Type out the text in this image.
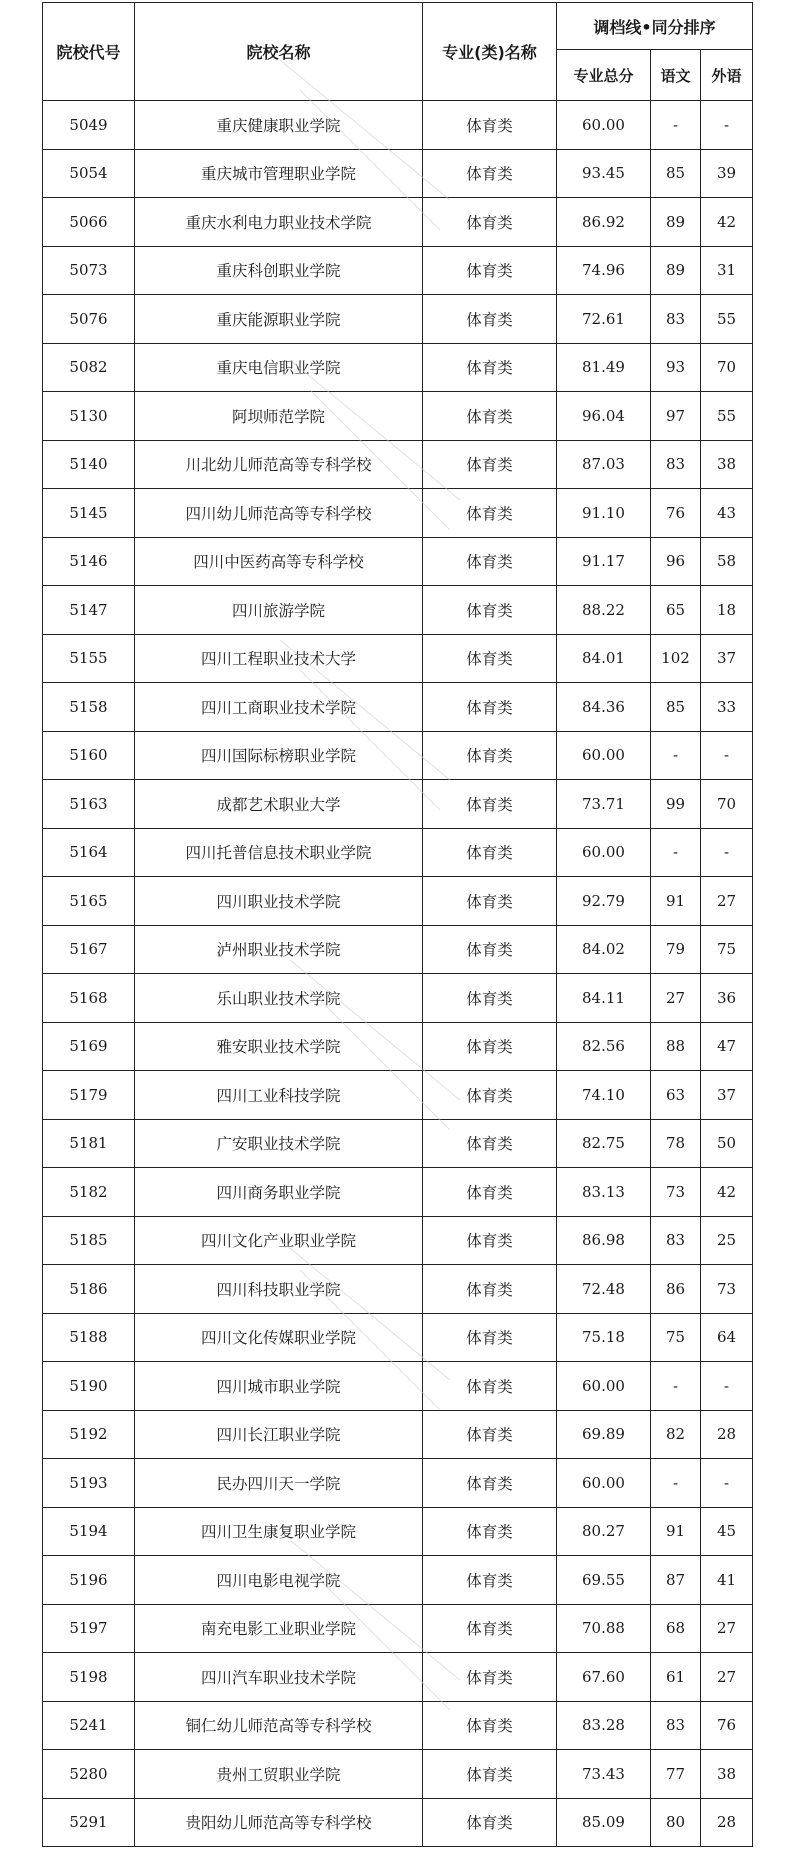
院校代号	院校名称	专业(类)名称	调档线•同分排序		
			专业总分	语文	外语
5049	重庆健康职业学院	体育类	60.00	-	-
5054	重庆城市管理职业学院	体育类	93.45	85	39
5066	重庆水利电力职业技术学院	体育类	86.92	89	42
5073	重庆科创职业学院	体育类	74.96	89	31
5076	重庆能源职业学院	体育类	72.61	83	55
5082	重庆电信职业学院	体育类	81.49	93	70
5130	阿坝师范学院	体育类	96.04	97	55
5140	川北幼儿师范高等专科学校	体育类	87.03	83	38
5145	四川幼儿师范高等专科学校	体育类	91.10	76	43
5146	四川中医药高等专科学校	体育类	91.17	96	58
5147	四川旅游学院	体育类	88.22	65	18
5155	四川工程职业技术大学	体育类	84.01	102	37
5158	四川工商职业技术学院	体育类	84.36	85	33
5160	四川国际标榜职业学院	体育类	60.00	-	-
5163	成都艺术职业大学	体育类	73.71	99	70
5164	四川托普信息技术职业学院	体育类	60.00	-	-
5165	四川职业技术学院	体育类	92.79	91	27
5167	泸州职业技术学院	体育类	84.02	79	75
5168	乐山职业技术学院	体育类	84.11	27	36
5169	雅安职业技术学院	体育类	82.56	88	47
5179	四川工业科技学院	体育类	74.10	63	37
5181	广安职业技术学院	体育类	82.75	78	50
5182	四川商务职业学院	体育类	83.13	73	42
5185	四川文化产业职业学院	体育类	86.98	83	25
5186	四川科技职业学院	体育类	72.48	86	73
5188	四川文化传媒职业学院	体育类	75.18	75	64
5190	四川城市职业学院	体育类	60.00	-	-
5192	四川长江职业学院	体育类	69.89	82	28
5193	民办四川天一学院	体育类	60.00	-	-
5194	四川卫生康复职业学院	体育类	80.27	91	45
5196	四川电影电视学院	体育类	69.55	87	41
5197	南充电影工业职业学院	体育类	70.88	68	27
5198	四川汽车职业技术学院	体育类	67.60	61	27
5241	铜仁幼儿师范高等专科学校	体育类	83.28	83	76
5280	贵州工贸职业学院	体育类	73.43	77	38
5291	贵阳幼儿师范高等专科学校	体育类	85.09	80	28
